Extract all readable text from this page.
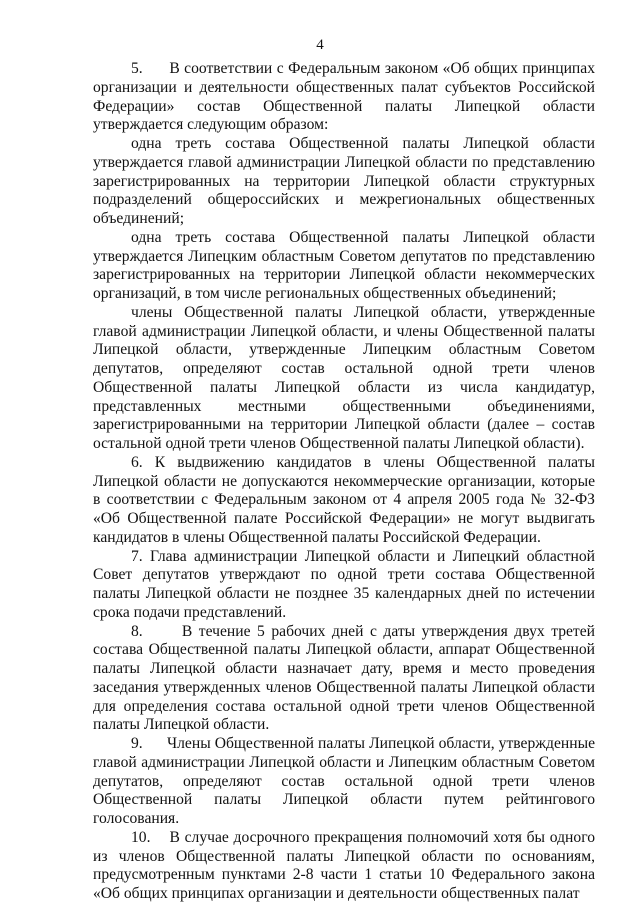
4

5.      В соответствии с Федеральным законом «Об общих принципах организации и деятельности общественных палат субъектов Российской Федерации» состав Общественной палаты Липецкой области утверждается следующим образом:

одна треть состава Общественной палаты Липецкой области утверждается главой администрации Липецкой области по представлению зарегистрированных на территории Липецкой области структурных подразделений общероссийских и межрегиональных общественных объединений;

одна треть состава Общественной палаты Липецкой области утверждается Липецким областным Советом депутатов по представлению зарегистрированных на территории Липецкой области некоммерческих организаций, в том числе региональных общественных объединений;

члены Общественной палаты Липецкой области, утвержденные главой администрации Липецкой области, и члены Общественной палаты Липецкой области, утвержденные Липецким областным Советом депутатов, определяют состав остальной одной трети членов Общественной палаты Липецкой области из числа кандидатур, представленных местными общественными объединениями, зарегистрированными на территории Липецкой области (далее – состав остальной одной трети членов Общественной палаты Липецкой области).

6. К выдвижению кандидатов в члены Общественной палаты Липецкой области не допускаются некоммерческие организации, которые в соответствии с Федеральным законом от 4 апреля 2005 года № 32-ФЗ «Об Общественной палате Российской Федерации» не могут выдвигать кандидатов в члены Общественной палаты Российской Федерации.

7. Глава администрации Липецкой области и Липецкий областной Совет депутатов утверждают по одной трети состава Общественной палаты Липецкой области не позднее 35 календарных дней по истечении срока подачи представлений.

8.      В течение 5 рабочих дней с даты утверждения двух третей состава Общественной палаты Липецкой области, аппарат Общественной палаты Липецкой области назначает дату, время и место проведения заседания утвержденных членов Общественной палаты Липецкой области для определения состава остальной одной трети членов Общественной палаты Липецкой области.

9.      Члены Общественной палаты Липецкой области, утвержденные главой администрации Липецкой области и Липецким областным Советом депутатов, определяют состав остальной одной трети членов Общественной палаты Липецкой области путем рейтингового голосования.

10.    В случае досрочного прекращения полномочий хотя бы одного из членов Общественной палаты Липецкой области по основаниям, предусмотренным пунктами 2-8 части 1 статьи 10 Федерального закона «Об общих принципах организации и деятельности общественных палат
